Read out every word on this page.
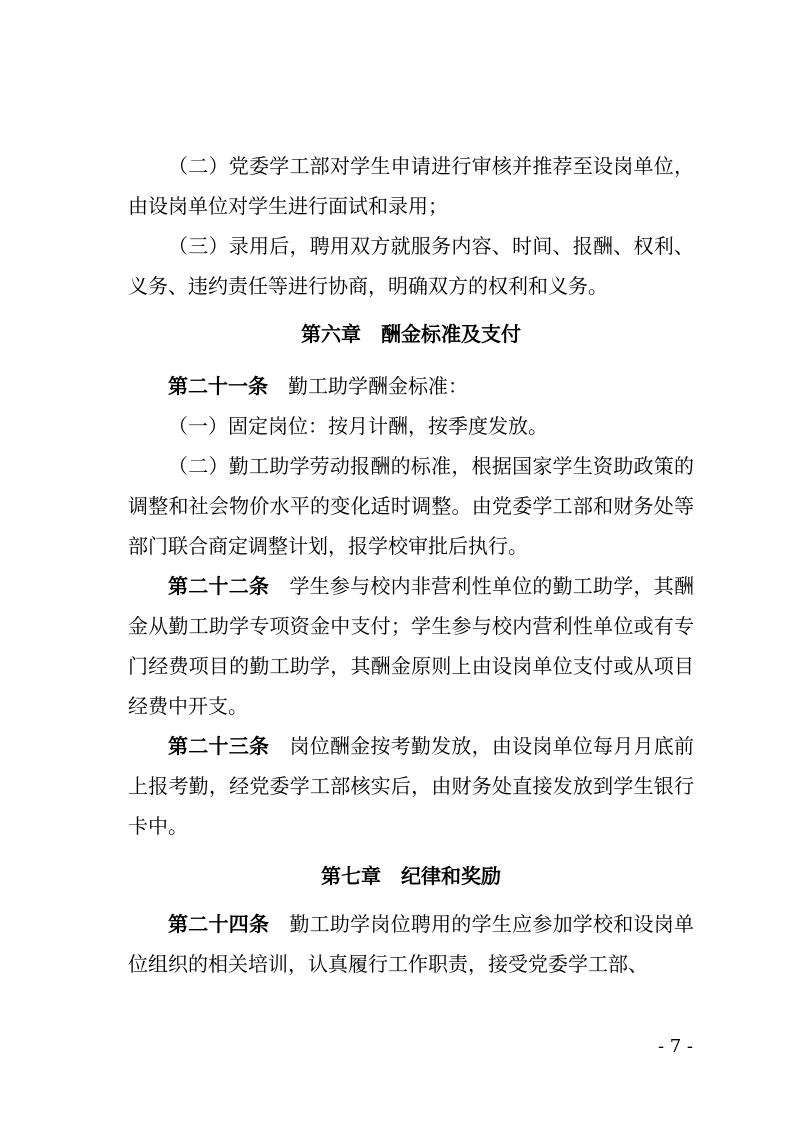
（二）党委学工部对学生申请进行审核并推荐至设岗单位，由设岗单位对学生进行面试和录用；

（三）录用后，聘用双方就服务内容、时间、报酬、权利、义务、违约责任等进行协商，明确双方的权利和义务。

第六章　酬金标准及支付

第二十一条 勤工助学酬金标准：

（一）固定岗位：按月计酬，按季度发放。

（二）勤工助学劳动报酬的标准，根据国家学生资助政策的调整和社会物价水平的变化适时调整。由党委学工部和财务处等部门联合商定调整计划，报学校审批后执行。

第二十二条 学生参与校内非营利性单位的勤工助学，其酬金从勤工助学专项资金中支付；学生参与校内营利性单位或有专门经费项目的勤工助学，其酬金原则上由设岗单位支付或从项目经费中开支。

第二十三条 岗位酬金按考勤发放，由设岗单位每月月底前上报考勤，经党委学工部核实后，由财务处直接发放到学生银行卡中。

第七章　纪律和奖励

第二十四条 勤工助学岗位聘用的学生应参加学校和设岗单位组织的相关培训，认真履行工作职责，接受党委学工部、

- 7 -
